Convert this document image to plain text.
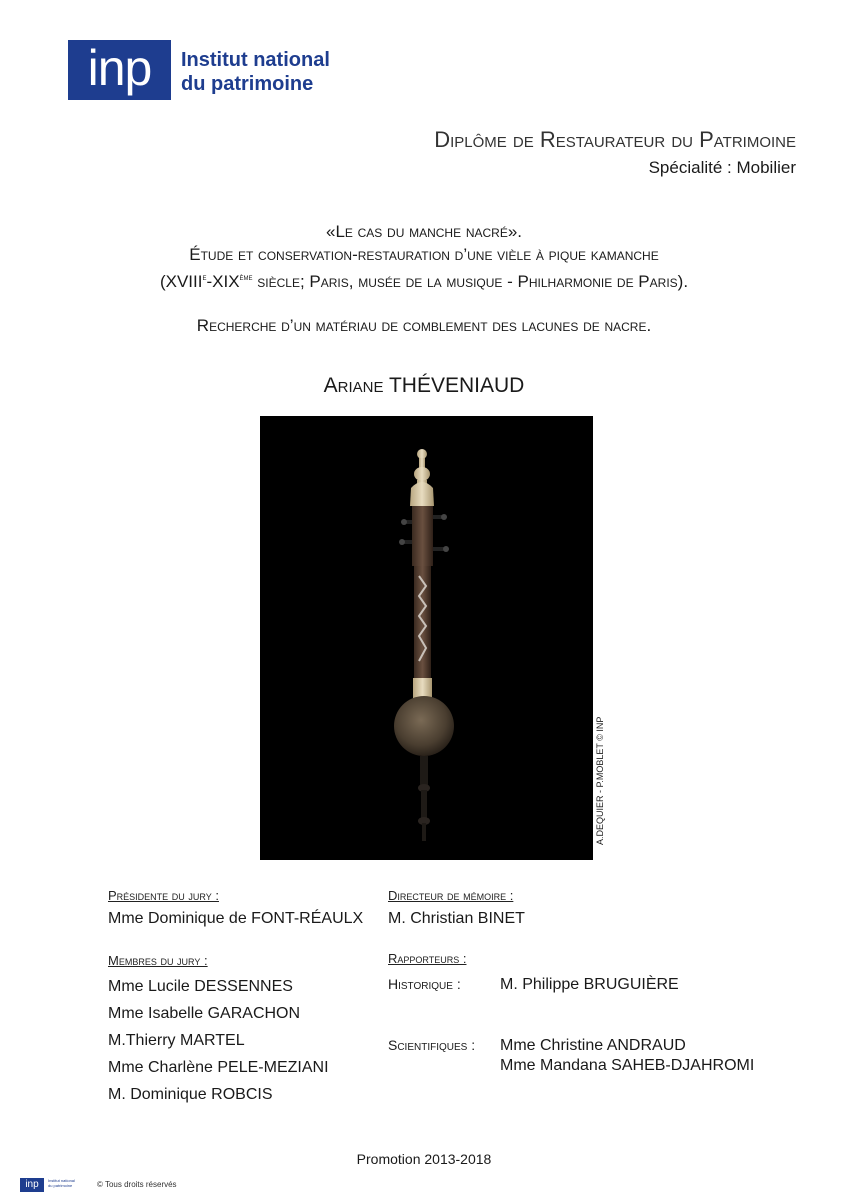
inp	Institut national
du patrimoine
Diplôme de Restaurateur du Patrimoine
Spécialité : Mobilier
«Le cas du manche nacré».
Étude et conservation-restauration d’une vièle à pique kamanche
(XVIIIe-XIXème siècle; Paris, musée de la musique - Philharmonie de Paris).
Recherche d’un matériau de comblement des lacunes de nacre.
Ariane THÉVENIAUD
A.DEQUIER - P.MOBLET © INP
Présidente du jury :
Mme Dominique de FONT-RÉAULX
Membres du jury :
Mme Lucile DESSENNES
Mme Isabelle GARACHON
M.Thierry MARTEL
Mme Charlène PELE-MEZIANI
M. Dominique ROBCIS
Directeur de mémoire :
M. Christian BINET
Rapporteurs :
Historique : M. Philippe BRUGUIÈRE
Scientifiques : Mme Christine ANDRAUD
Mme Mandana SAHEB-DJAHROMI
Promotion 2013-2018
inp	Institut national
du patrimoine	© Tous droits réservés
